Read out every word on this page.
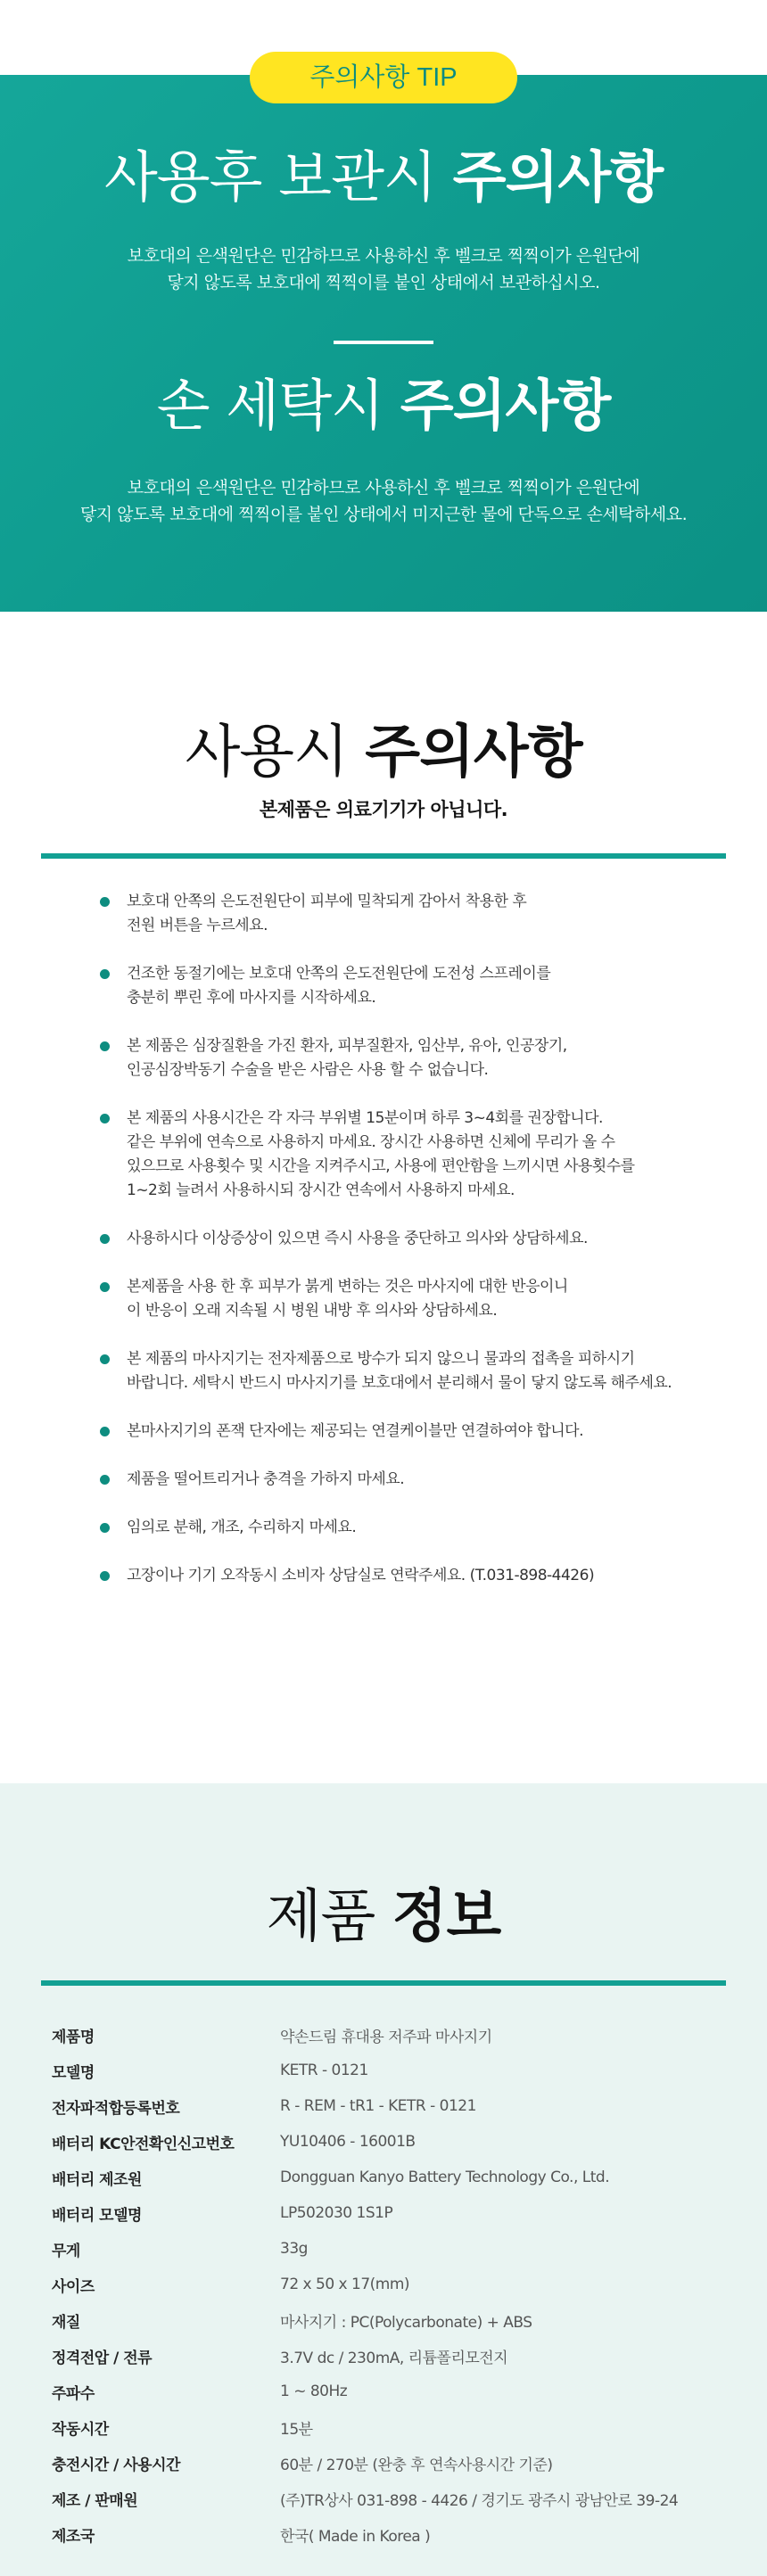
주의사항 TIP
사용후 보관시 주의사항
보호대의 은색원단은 민감하므로 사용하신 후 벨크로 찍찍이가 은원단에
닿지 않도록 보호대에 찍찍이를 붙인 상태에서 보관하십시오.
손 세탁시 주의사항
보호대의 은색원단은 민감하므로 사용하신 후 벨크로 찍찍이가 은원단에
닿지 않도록 보호대에 찍찍이를 붙인 상태에서 미지근한 물에 단독으로 손세탁하세요.
사용시 주의사항
본제품은 의료기기가 아닙니다.
보호대 안쪽의 은도전원단이 피부에 밀착되게 감아서 착용한 후
전원 버튼을 누르세요.
건조한 동절기에는 보호대 안쪽의 은도전원단에 도전성 스프레이를
충분히 뿌린 후에 마사지를 시작하세요.
본 제품은 심장질환을 가진 환자, 피부질환자, 임산부, 유아, 인공장기,
인공심장박동기 수술을 받은 사람은 사용 할 수 없습니다.
본 제품의 사용시간은 각 자극 부위별 15분이며 하루 3~4회를 권장합니다.
같은 부위에 연속으로 사용하지 마세요. 장시간 사용하면 신체에 무리가 올 수
있으므로 사용횟수 및 시간을 지켜주시고, 사용에 편안함을 느끼시면 사용횟수를
1~2회 늘려서 사용하시되 장시간 연속에서 사용하지 마세요.
사용하시다 이상증상이 있으면 즉시 사용을 중단하고 의사와 상담하세요.
본제품을 사용 한 후 피부가 붉게 변하는 것은 마사지에 대한 반응이니
이 반응이 오래 지속될 시 병원 내방 후 의사와 상담하세요.
본 제품의 마사지기는 전자제품으로 방수가 되지 않으니 물과의 접촉을 피하시기
바랍니다. 세탁시 반드시 마사지기를 보호대에서 분리해서 물이 닿지 않도록 해주세요.
본마사지기의 폰잭 단자에는 제공되는 연결케이블만 연결하여야 합니다.
제품을 떨어트리거나 충격을 가하지 마세요.
임의로 분해, 개조, 수리하지 마세요.
고장이나 기기 오작동시 소비자 상담실로 연락주세요. (T.031-898-4426)
제품 정보
제품명	약손드림 휴대용 저주파 마사지기
모델명	KETR - 0121
전자파적합등록번호	R - REM - tR1 - KETR - 0121
배터리 KC안전확인신고번호	YU10406 - 16001B
배터리 제조원	Dongguan Kanyo Battery Technology Co., Ltd.
배터리 모델명	LP502030 1S1P
무게	33g
사이즈	72 x 50 x 17(mm)
재질	마사지기 : PC(Polycarbonate) + ABS
정격전압 / 전류	3.7V dc / 230mA, 리튬폴리모전지
주파수	1 ~ 80Hz
작동시간	15분
충전시간 / 사용시간	60분 / 270분 (완충 후 연속사용시간 기준)
제조 / 판매원	(주)TR상사 031-898 - 4426 / 경기도 광주시 광남안로 39-24
제조국	한국( Made in Korea )
